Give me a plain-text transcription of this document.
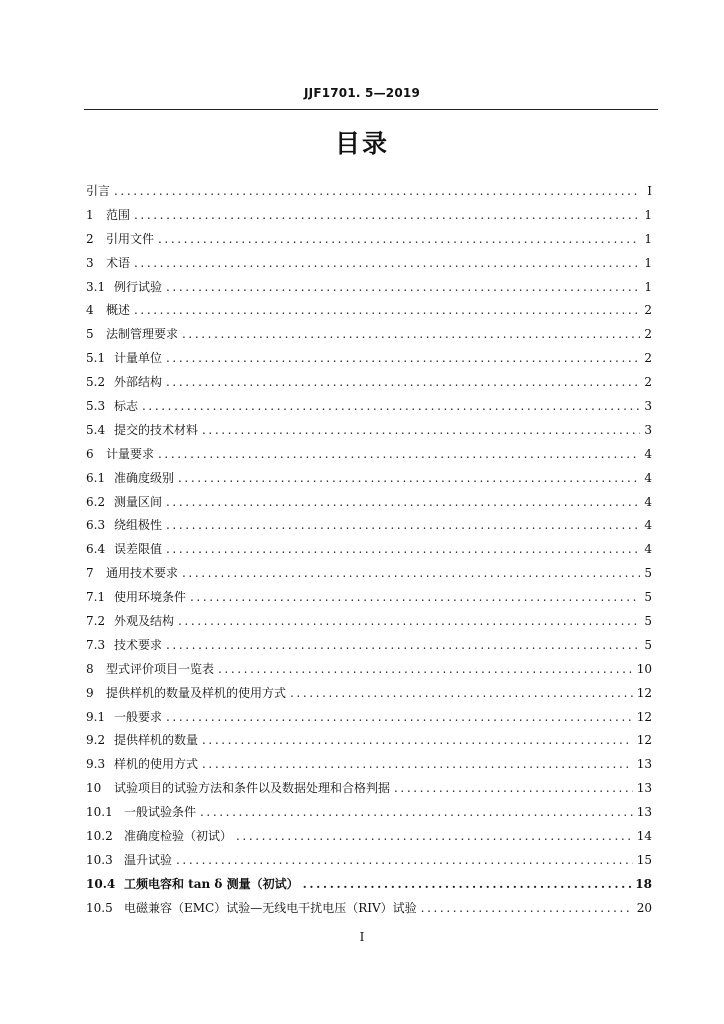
JJF1701. 5—2019
目录
引言 .....	I
1	范围 .....	1
2	引用文件 .....	1
3	术语 .....	1
3.1 例行试验 .....	1
4	概述 .....	2
5	法制管理要求 .....	2
5.1 计量单位 .....	2
5.2 外部结构 .....	2
5.3 标志 .....	3
5.4 提交的技术材料 .....	3
6	计量要求 .....	4
6.1 准确度级别 .....	4
6.2 测量区间 .....	4
6.3 绕组极性 .....	4
6.4 误差限值 .....	4
7	通用技术要求 .....	5
7.1 使用环境条件 .....	5
7.2 外观及结构 .....	5
7.3 技术要求 .....	5
8	型式评价项目一览表 .....	10
9	提供样机的数量及样机的使用方式 .....	12
9.1 一般要求 .....	12
9.2 提供样机的数量 .....	12
9.3 样机的使用方式 .....	13
10	试验项目的试验方法和条件以及数据处理和合格判据 .....	13
10.1 一般试验条件 .....	13
10.2 准确度检验（初试） .....	14
10.3 温升试验 .....	15
10.4 工频电容和 tan δ 测量（初试） .....	18
10.5 电磁兼容（EMC）试验—无线电干扰电压（RIV）试验 .....	20
I
